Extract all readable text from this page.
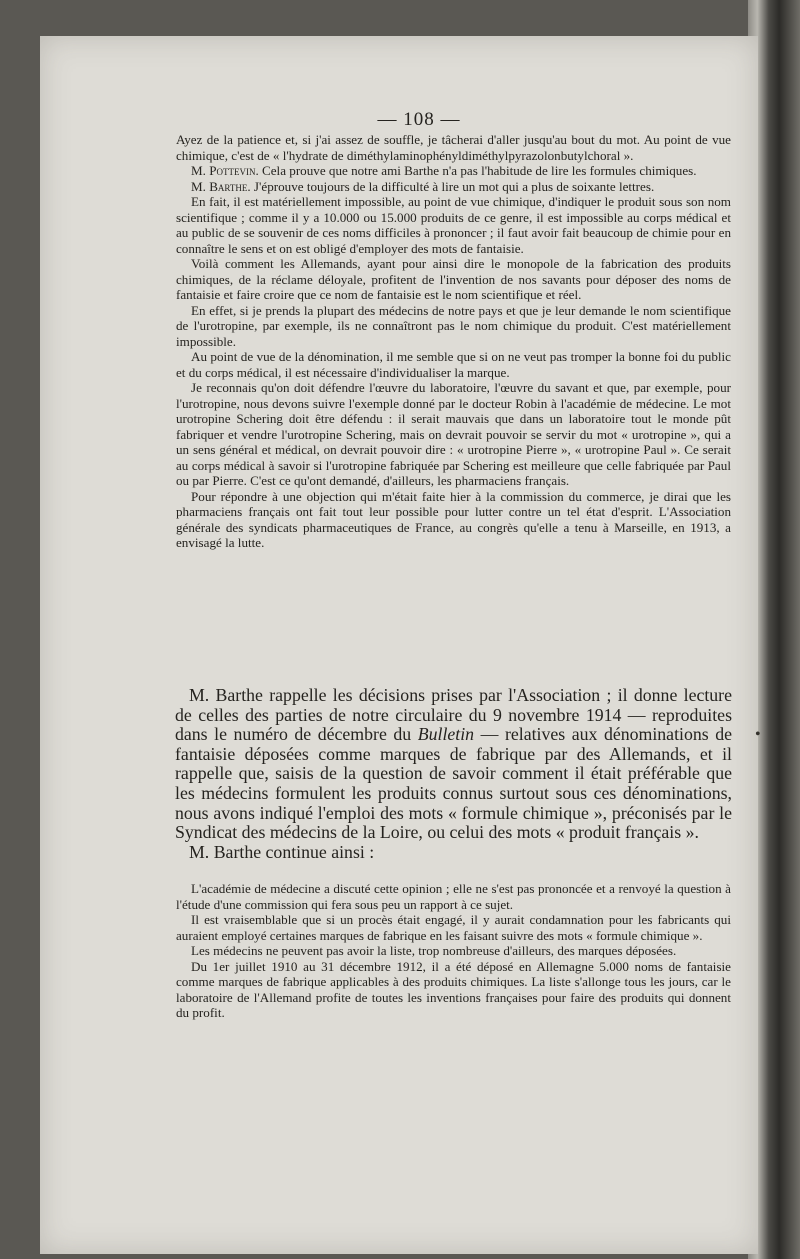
— 108 —

Ayez de la patience et, si j'ai assez de souffle, je tâcherai d'aller jusqu'au bout du mot. Au point de vue chimique, c'est de « l'hydrate de diméthylaminophényldiméthylpyrazolonbutylchoral ».

M. Pottevin. Cela prouve que notre ami Barthe n'a pas l'habitude de lire les formules chimiques.

M. Barthe. J'éprouve toujours de la difficulté à lire un mot qui a plus de soixante lettres.

En fait, il est matériellement impossible, au point de vue chimique, d'indiquer le produit sous son nom scientifique ; comme il y a 10.000 ou 15.000 produits de ce genre, il est impossible au corps médical et au public de se souvenir de ces noms difficiles à prononcer ; il faut avoir fait beaucoup de chimie pour en connaître le sens et on est obligé d'employer des mots de fantaisie.

Voilà comment les Allemands, ayant pour ainsi dire le monopole de la fabrication des produits chimiques, de la réclame déloyale, profitent de l'invention de nos savants pour déposer des noms de fantaisie et faire croire que ce nom de fantaisie est le nom scientifique et réel.

En effet, si je prends la plupart des médecins de notre pays et que je leur demande le nom scientifique de l'urotropine, par exemple, ils ne connaîtront pas le nom chimique du produit. C'est matériellement impossible.

Au point de vue de la dénomination, il me semble que si on ne veut pas tromper la bonne foi du public et du corps médical, il est nécessaire d'individualiser la marque.

Je reconnais qu'on doit défendre l'œuvre du laboratoire, l'œuvre du savant et que, par exemple, pour l'urotropine, nous devons suivre l'exemple donné par le docteur Robin à l'académie de médecine. Le mot urotropine Schering doit être défendu : il serait mauvais que dans un laboratoire tout le monde pût fabriquer et vendre l'urotropine Schering, mais on devrait pouvoir se servir du mot « urotropine », qui a un sens général et médical, on devrait pouvoir dire : « urotropine Pierre », « urotropine Paul ». Ce serait au corps médical à savoir si l'urotropine fabriquée par Schering est meilleure que celle fabriquée par Paul ou par Pierre. C'est ce qu'ont demandé, d'ailleurs, les pharmaciens français.

Pour répondre à une objection qui m'était faite hier à la commission du commerce, je dirai que les pharmaciens français ont fait tout leur possible pour lutter contre un tel état d'esprit. L'Association générale des syndicats pharmaceutiques de France, au congrès qu'elle a tenu à Marseille, en 1913, a envisagé la lutte.

M. Barthe rappelle les décisions prises par l'Association ; il donne lecture de celles des parties de notre circulaire du 9 novembre 1914 — reproduites dans le numéro de décembre du Bulletin — relatives aux dénominations de fantaisie déposées comme marques de fabrique par des Allemands, et il rappelle que, saisis de la question de savoir comment il était préférable que les médecins formulent les produits connus surtout sous ces dénominations, nous avons indiqué l'emploi des mots « formule chimique », préconisés par le Syndicat des médecins de la Loire, ou celui des mots « produit français ».

M. Barthe continue ainsi :

L'académie de médecine a discuté cette opinion ; elle ne s'est pas prononcée et a renvoyé la question à l'étude d'une commission qui fera sous peu un rapport à ce sujet.

Il est vraisemblable que si un procès était engagé, il y aurait condamnation pour les fabricants qui auraient employé certaines marques de fabrique en les faisant suivre des mots « formule chimique ».

Les médecins ne peuvent pas avoir la liste, trop nombreuse d'ailleurs, des marques déposées.

Du 1er juillet 1910 au 31 décembre 1912, il a été déposé en Allemagne 5.000 noms de fantaisie comme marques de fabrique applicables à des produits chimiques. La liste s'allonge tous les jours, car le laboratoire de l'Allemand profite de toutes les inventions françaises pour faire des produits qui donnent du profit.

•
